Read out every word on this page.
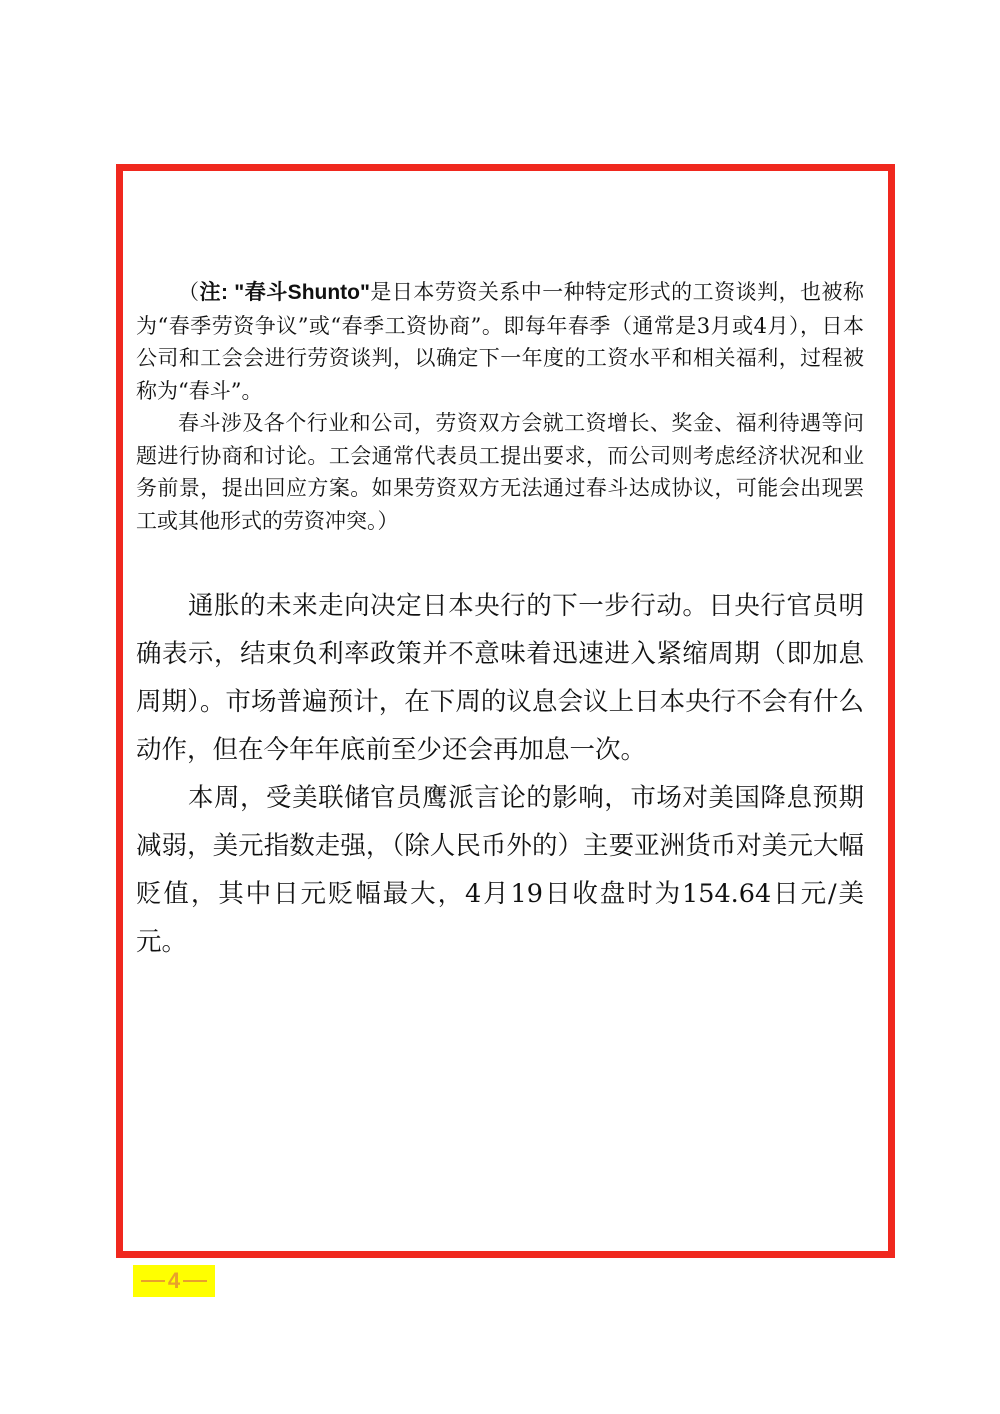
（注: "春斗Shunto"是日本劳资关系中一种特定形式的工资谈判，也被称为“春季劳资争议”或“春季工资协商”。即每年春季（通常是3月或4月），日本公司和工会会进行劳资谈判，以确定下一年度的工资水平和相关福利，过程被称为“春斗”。

春斗涉及各个行业和公司，劳资双方会就工资增长、奖金、福利待遇等问题进行协商和讨论。工会通常代表员工提出要求，而公司则考虑经济状况和业务前景，提出回应方案。如果劳资双方无法通过春斗达成协议，可能会出现罢工或其他形式的劳资冲突。）

通胀的未来走向决定日本央行的下一步行动。日央行官员明确表示，结束负利率政策并不意味着迅速进入紧缩周期（即加息周期）。市场普遍预计，在下周的议息会议上日本央行不会有什么动作，但在今年年底前至少还会再加息一次。

本周，受美联储官员鹰派言论的影响，市场对美国降息预期减弱，美元指数走强，（除人民币外的）主要亚洲货币对美元大幅贬值，其中日元贬幅最大，4月19日收盘时为154.64日元/美元。

4
